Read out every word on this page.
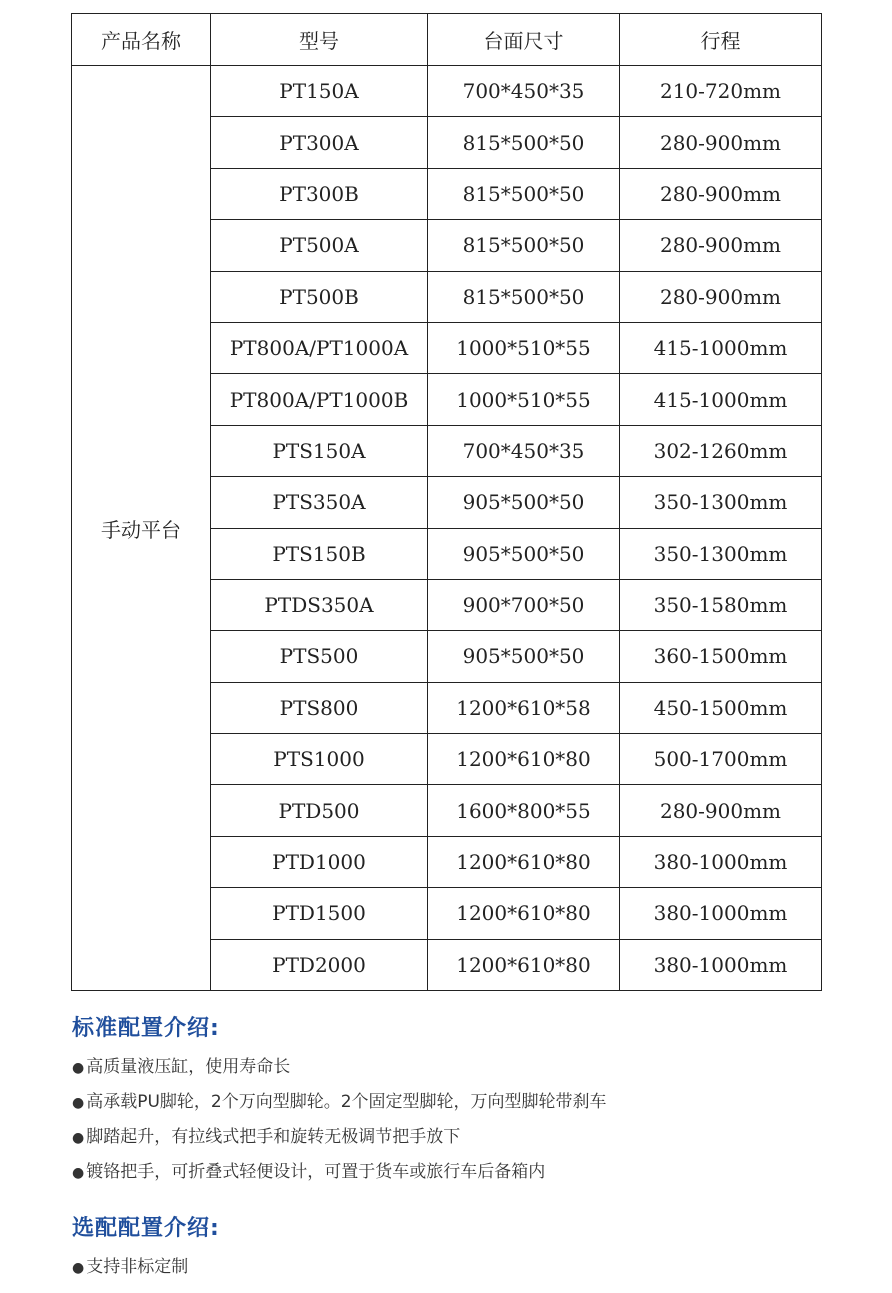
产品名称	型号	台面尺寸	行程
手动平台	PT150A	700*450*35	210-720mm
	PT300A	815*500*50	280-900mm
	PT300B	815*500*50	280-900mm
	PT500A	815*500*50	280-900mm
	PT500B	815*500*50	280-900mm
	PT800A/PT1000A	1000*510*55	415-1000mm
	PT800A/PT1000B	1000*510*55	415-1000mm
	PTS150A	700*450*35	302-1260mm
	PTS350A	905*500*50	350-1300mm
	PTS150B	905*500*50	350-1300mm
	PTDS350A	900*700*50	350-1580mm
	PTS500	905*500*50	360-1500mm
	PTS800	1200*610*58	450-1500mm
	PTS1000	1200*610*80	500-1700mm
	PTD500	1600*800*55	280-900mm
	PTD1000	1200*610*80	380-1000mm
	PTD1500	1200*610*80	380-1000mm
	PTD2000	1200*610*80	380-1000mm
标准配置介绍:
● 高质量液压缸，使用寿命长
● 高承载PU脚轮，2个万向型脚轮。2个固定型脚轮，万向型脚轮带刹车
● 脚踏起升，有拉线式把手和旋转无极调节把手放下
● 镀铬把手，可折叠式轻便设计，可置于货车或旅行车后备箱内
选配配置介绍:
● 支持非标定制
